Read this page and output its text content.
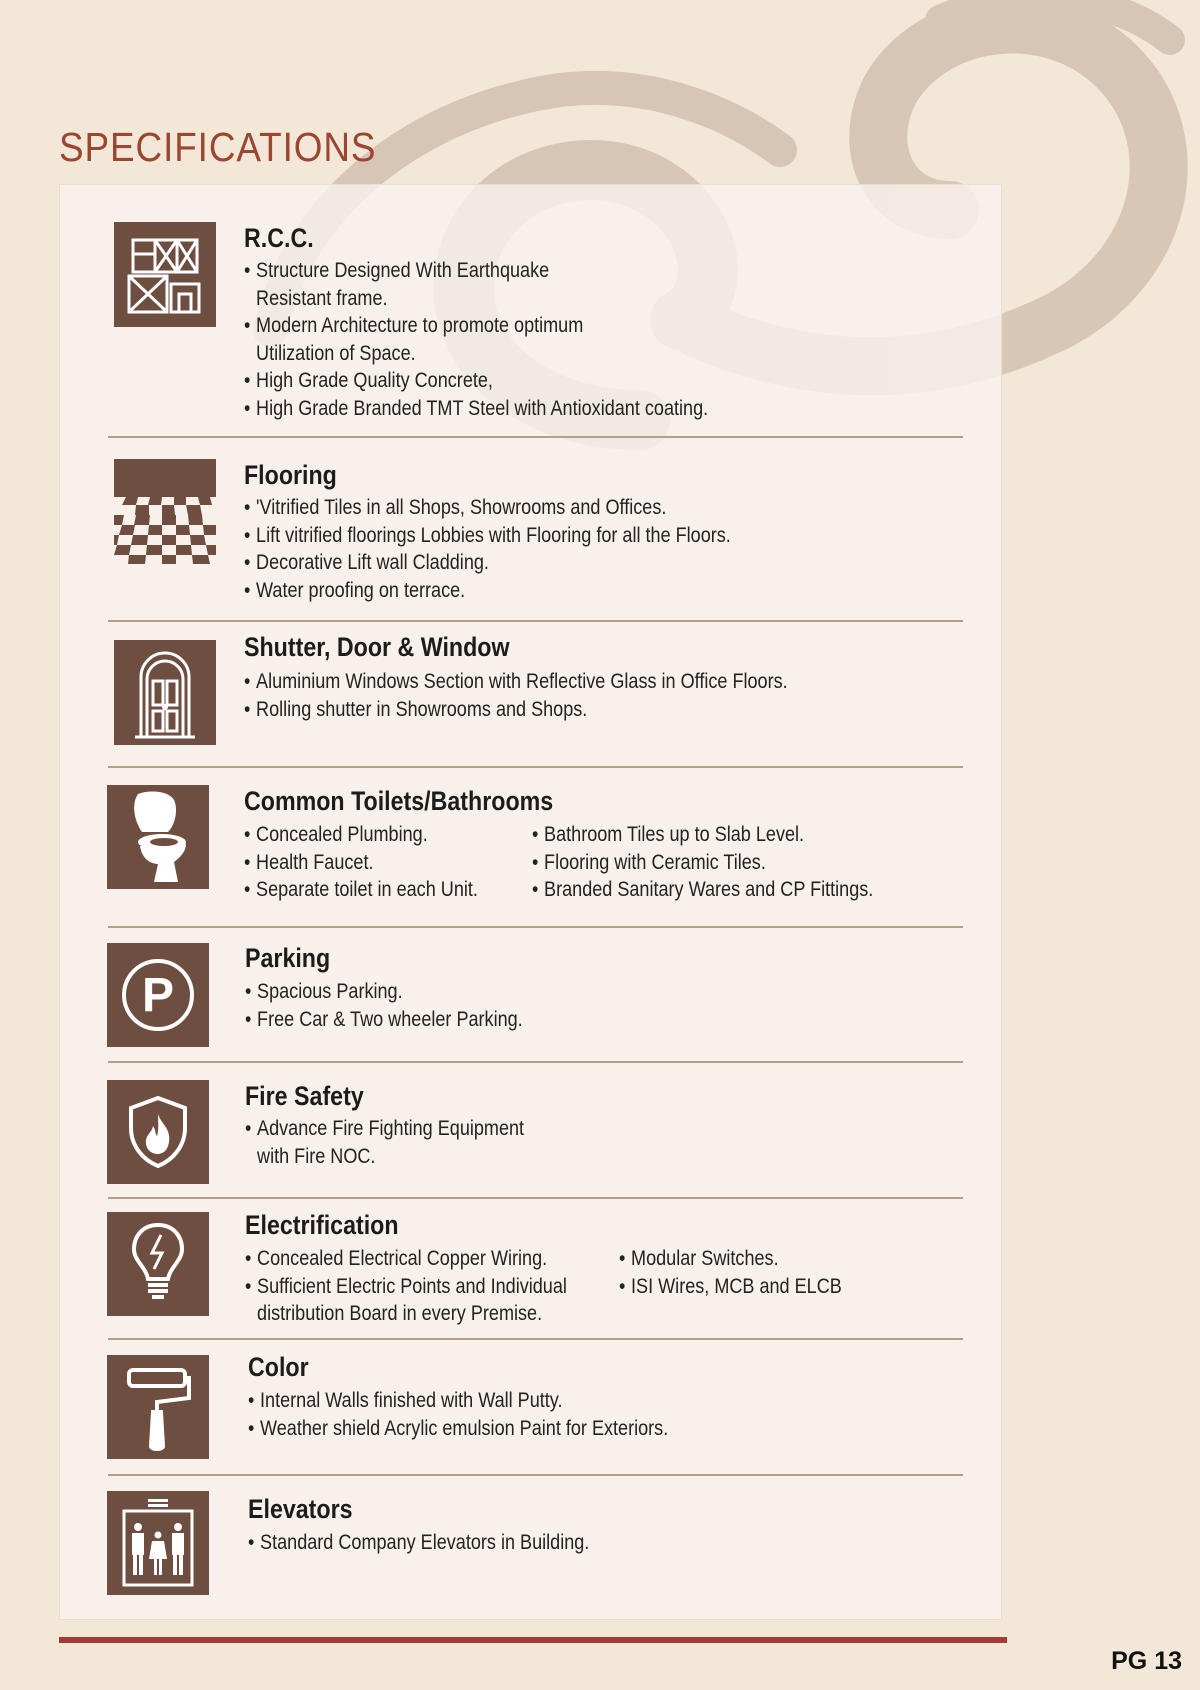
SPECIFICATIONS
R.C.C.
• Structure Designed With Earthquake
Resistant frame.
• Modern Architecture to promote optimum
Utilization of Space.
• High Grade Quality Concrete,
• High Grade Branded TMT Steel with Antioxidant coating.
Flooring
• 'Vitrified Tiles in all Shops, Showrooms and Offices.
• Lift vitrified floorings Lobbies with Flooring for all the Floors.
• Decorative Lift wall Cladding.
• Water proofing on terrace.
Shutter, Door & Window
• Aluminium Windows Section with Reflective Glass in Office Floors.
• Rolling shutter in Showrooms and Shops.
Common Toilets/Bathrooms
• Concealed Plumbing.
• Health Faucet.
• Separate toilet in each Unit.
• Bathroom Tiles up to Slab Level.
• Flooring with Ceramic Tiles.
• Branded Sanitary Wares and CP Fittings.
P
Parking
• Spacious Parking.
• Free Car & Two wheeler Parking.
Fire Safety
• Advance Fire Fighting Equipment
with Fire NOC.
Electrification
• Concealed Electrical Copper Wiring.
• Sufficient Electric Points and Individual
distribution Board in every Premise.
• Modular Switches.
• ISI Wires, MCB and ELCB
Color
• Internal Walls finished with Wall Putty.
• Weather shield Acrylic emulsion Paint for Exteriors.
Elevators
• Standard Company Elevators in Building.

PG 13
